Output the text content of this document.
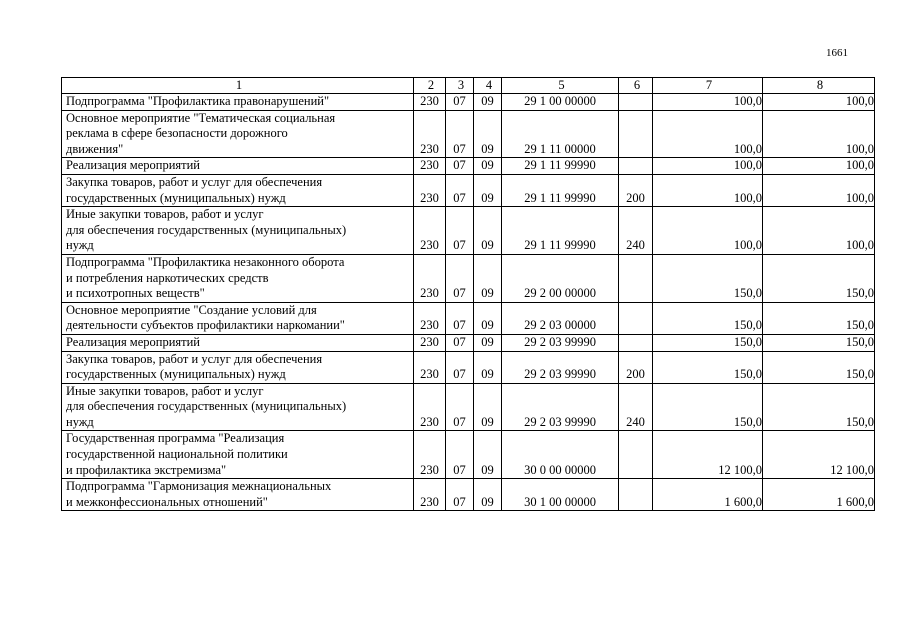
1661
1	2	3	4	5	6	7	8
Подпрограмма "Профилактика правонарушений"	230	07	09	29 1 00 00000		100,0	100,0
Основное мероприятие "Тематическая социальная
реклама в сфере безопасности дорожного
движения"	230	07	09	29 1 11 00000		100,0	100,0
Реализация мероприятий	230	07	09	29 1 11 99990		100,0	100,0
Закупка товаров, работ и услуг для обеспечения
государственных (муниципальных) нужд	230	07	09	29 1 11 99990	200	100,0	100,0
Иные закупки товаров, работ и услуг
для обеспечения государственных (муниципальных)
нужд	230	07	09	29 1 11 99990	240	100,0	100,0
Подпрограмма "Профилактика незаконного оборота
и потребления наркотических средств
и психотропных веществ"	230	07	09	29 2 00 00000		150,0	150,0
Основное мероприятие "Создание условий для
деятельности субъектов профилактики наркомании"	230	07	09	29 2 03 00000		150,0	150,0
Реализация мероприятий	230	07	09	29 2 03 99990		150,0	150,0
Закупка товаров, работ и услуг для обеспечения
государственных (муниципальных) нужд	230	07	09	29 2 03 99990	200	150,0	150,0
Иные закупки товаров, работ и услуг
для обеспечения государственных (муниципальных)
нужд	230	07	09	29 2 03 99990	240	150,0	150,0
Государственная программа "Реализация
государственной национальной политики
и профилактика экстремизма"	230	07	09	30 0 00 00000		12 100,0	12 100,0
Подпрограмма "Гармонизация межнациональных
и межконфессиональных отношений"	230	07	09	30 1 00 00000		1 600,0	1 600,0
